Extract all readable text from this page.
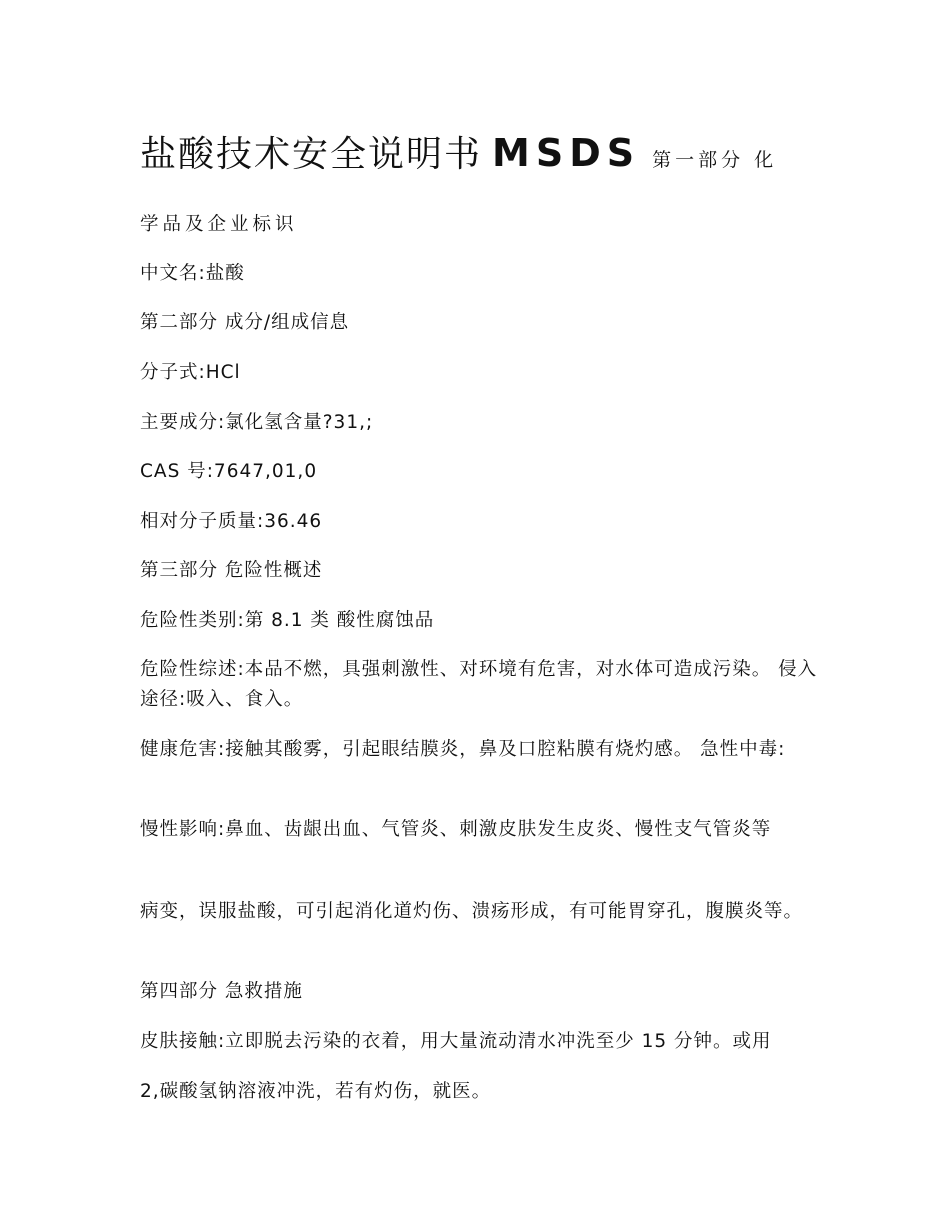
盐酸技术安全说明书 MSDS 第一部分 化
学品及企业标识
中文名:盐酸
第二部分 成分/组成信息
分子式:HCl
主要成分:氯化氢含量?31,;
CAS 号:7647,01,0
相对分子质量:36.46
第三部分 危险性概述
危险性类别:第 8.1 类 酸性腐蚀品
危险性综述:本品不燃，具强刺激性、对环境有危害，对水体可造成污染。 侵入途径:吸入、食入。
健康危害:接触其酸雾，引起眼结膜炎，鼻及口腔粘膜有烧灼感。 急性中毒:
慢性影响:鼻血、齿龈出血、气管炎、刺激皮肤发生皮炎、慢性支气管炎等
病变，误服盐酸，可引起消化道灼伤、溃疡形成，有可能胃穿孔，腹膜炎等。
第四部分 急救措施
皮肤接触:立即脱去污染的衣着，用大量流动清水冲洗至少 15 分钟。或用
2,碳酸氢钠溶液冲洗，若有灼伤，就医。
